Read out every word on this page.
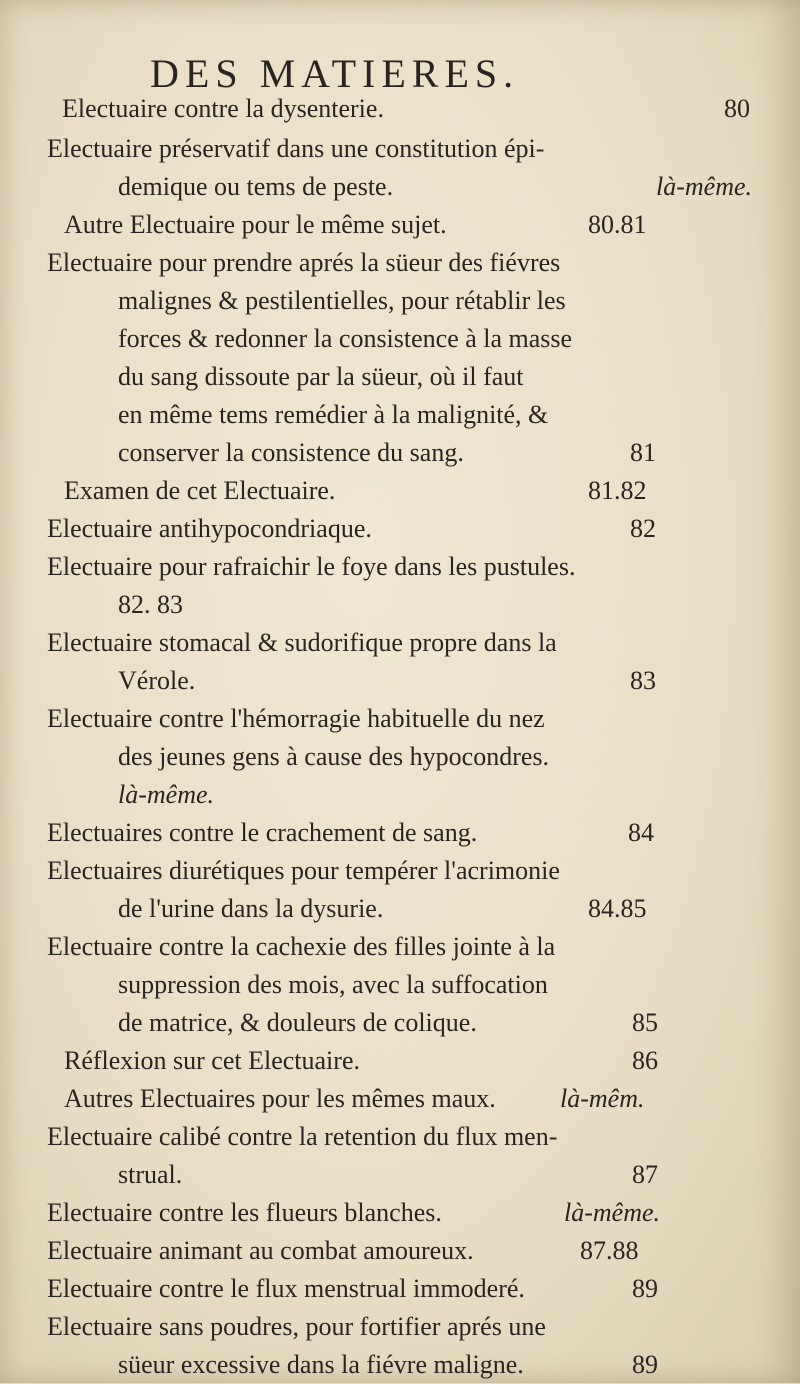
DES MATIERES.
Electuaire contre la dysenterie.	80
Electuaire préservatif dans une constitution épi-
demique ou tems de peste.	là-même.
Autre Electuaire pour le même sujet.	80.81
Electuaire pour prendre aprés la süeur des fiévres
malignes & pestilentielles, pour rétablir les
forces & redonner la consistence à la masse
du sang dissoute par la süeur, où il faut
en même tems remédier à la malignité, &
conserver la consistence du sang.	81
Examen de cet Electuaire.	81.82
Electuaire antihypocondriaque.	82
Electuaire pour rafraichir le foye dans les pustules.
82. 83
Electuaire stomacal & sudorifique propre dans la
Vérole.	83
Electuaire contre l'hémorragie habituelle du nez
des jeunes gens à cause des hypocondres.
là-même.
Electuaires contre le crachement de sang.	84
Electuaires diurétiques pour tempérer l'acrimonie
de l'urine dans la dysurie.	84.85
Electuaire contre la cachexie des filles jointe à la
suppression des mois, avec la suffocation
de matrice, & douleurs de colique.	85
Réflexion sur cet Electuaire.	86
Autres Electuaires pour les mêmes maux. là-mêm.
Electuaire calibé contre la retention du flux men-
strual.	87
Electuaire contre les flueurs blanches.	là-même.
Electuaire animant au combat amoureux.	87.88
Electuaire contre le flux menstrual immoderé.	89
Electuaire sans poudres, pour fortifier aprés une
süeur excessive dans la fiévre maligne.	89
